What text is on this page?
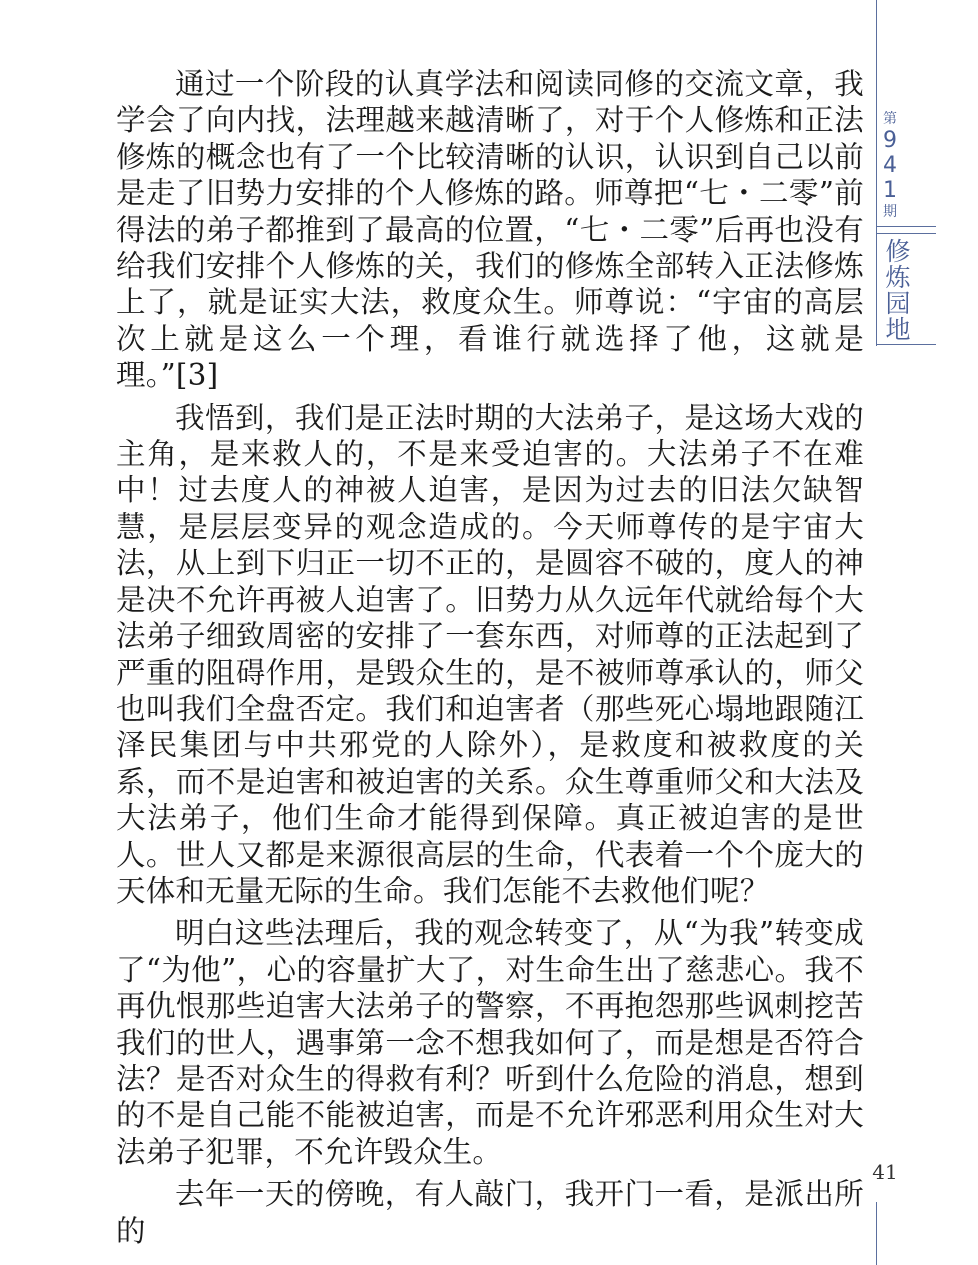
通过一个阶段的认真学法和阅读同修的交流文章，我学会了向内找，法理越来越清晰了，对于个人修炼和正法修炼的概念也有了一个比较清晰的认识，认识到自己以前是走了旧势力安排的个人修炼的路。师尊把“七・二零”前得法的弟子都推到了最高的位置，“七・二零”后再也没有给我们安排个人修炼的关，我们的修炼全部转入正法修炼上了，就是证实大法，救度众生。师尊说：“宇宙的高层次上就是这么一个理，看谁行就选择了他，这就是理。”[3]

我悟到，我们是正法时期的大法弟子，是这场大戏的主角，是来救人的，不是来受迫害的。大法弟子不在难中！过去度人的神被人迫害，是因为过去的旧法欠缺智慧，是层层变异的观念造成的。今天师尊传的是宇宙大法，从上到下归正一切不正的，是圆容不破的，度人的神是决不允许再被人迫害了。旧势力从久远年代就给每个大法弟子细致周密的安排了一套东西，对师尊的正法起到了严重的阻碍作用，是毁众生的，是不被师尊承认的，师父也叫我们全盘否定。我们和迫害者（那些死心塌地跟随江泽民集团与中共邪党的人除外），是救度和被救度的关系，而不是迫害和被迫害的关系。众生尊重师父和大法及大法弟子，他们生命才能得到保障。真正被迫害的是世人。世人又都是来源很高层的生命，代表着一个个庞大的天体和无量无际的生命。我们怎能不去救他们呢？

明白这些法理后，我的观念转变了，从“为我”转变成了“为他”，心的容量扩大了，对生命生出了慈悲心。我不再仇恨那些迫害大法弟子的警察，不再抱怨那些讽刺挖苦我们的世人，遇事第一念不想我如何了，而是想是否符合法？是否对众生的得救有利？听到什么危险的消息，想到的不是自己能不能被迫害，而是不允许邪恶利用众生对大法弟子犯罪，不允许毁众生。

去年一天的傍晚，有人敲门，我开门一看，是派出所的

第
9
4
1
期
修炼园地
41
